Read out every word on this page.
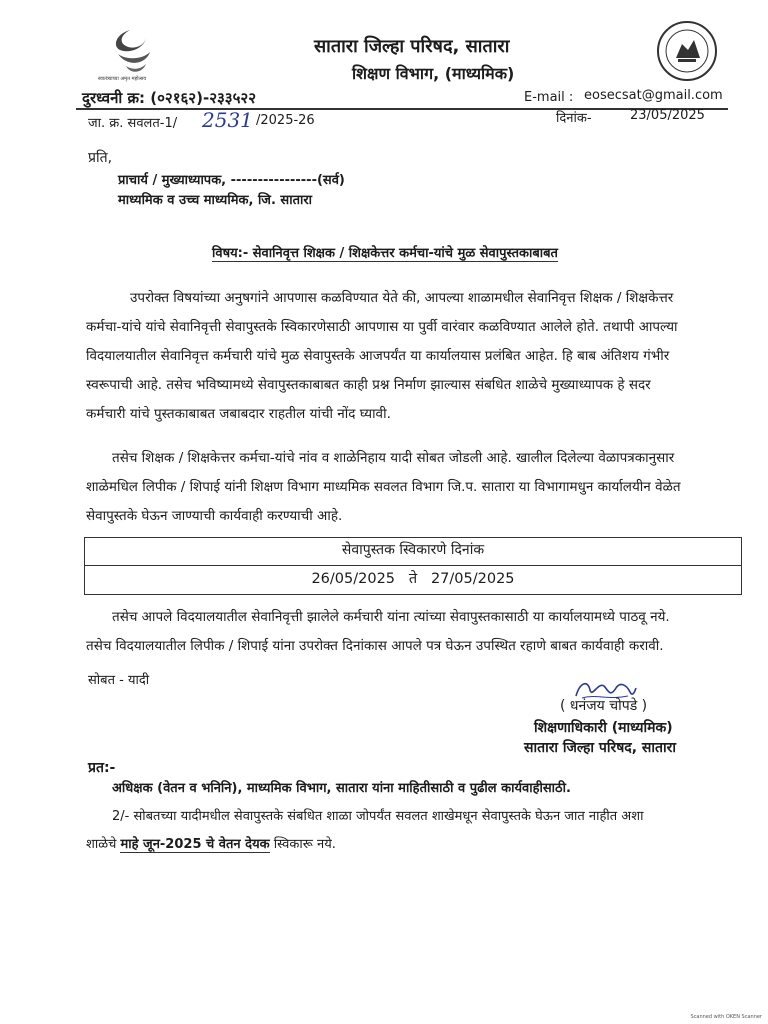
स्वातंत्र्याच्या अमृत महोत्सव
सातारा जिल्हा परिषद, सातारा
शिक्षण विभाग, (माध्यमिक)
दुरध्वनी क्र: (०२१६२)-२३३५२२	E-mail : eosecsat@gmail.com
जा. क्र. सवलत-1/ 2531 /2025-26	दिनांक-	23/05/2025
प्रति,
प्राचार्य / मुख्याध्यापक, ----------------(सर्व)
माध्यमिक व उच्च माध्यमिक, जि. सातारा
विषय:- सेवानिवृत्त शिक्षक / शिक्षकेत्तर कर्मचा-यांचे मुळ सेवापुस्तकाबाबत
उपरोक्त विषयांच्या अनुषगांने आपणास कळविण्यात येते की, आपल्या शाळामधील सेवानिवृत्त शिक्षक / शिक्षकेत्तर
कर्मचा-यांचे यांचे सेवानिवृत्ती सेवापुस्तके स्विकारणेसाठी आपणास या पुर्वी वारंवार कळविण्यात आलेले होते. तथापी आपल्या
विदयालयातील सेवानिवृत्त कर्मचारी यांचे मुळ सेवापुस्तके आजपर्यंत या कार्यालयास प्रलंबित आहेत. हि बाब अंतिशय गंभीर
स्वरूपाची आहे. तसेच भविष्यामध्ये सेवापुस्तकाबाबत काही प्रश्न निर्माण झाल्यास संबधित शाळेचे मुख्याध्यापक हे सदर
कर्मचारी यांचे पुस्तकाबाबत जबाबदार राहतील यांची नोंद घ्यावी.
तसेच शिक्षक / शिक्षकेत्तर कर्मचा-यांचे नांव व शाळेनिहाय यादी सोबत जोडली आहे. खालील दिलेल्या वेळापत्रकानुसार
शाळेमधिल लिपीक / शिपाई यांनी शिक्षण विभाग माध्यमिक सवलत विभाग जि.प. सातारा या विभागामधुन कार्यालयीन वेळेत
सेवापुस्तके घेऊन जाण्याची कार्यवाही करण्याची आहे.
सेवापुस्तक स्विकारणे दिनांक
26/05/2025 ते 27/05/2025
तसेच आपले विदयालयातील सेवानिवृत्ती झालेले कर्मचारी यांना त्यांच्या सेवापुस्तकासाठी या कार्यालयामध्ये पाठवू नये.
तसेच विदयालयातील लिपीक / शिपाई यांना उपरोक्त दिनांकास आपले पत्र घेऊन उपस्थित रहाणे बाबत कार्यवाही करावी.
सोबत - यादी
( धनंजय चोपडे )
शिक्षणाधिकारी (माध्यमिक)
सातारा जिल्हा परिषद, सातारा
प्रत:-
अधिक्षक (वेतन व भनिनि), माध्यमिक विभाग, सातारा यांना माहितीसाठी व पुढील कार्यवाहीसाठी.
2/- सोबतच्या यादीमधील सेवापुस्तके संबधित शाळा जोपर्यंत सवलत शाखेमधून सेवापुस्तके घेऊन जात नाहीत अशा
शाळेचे माहे जून-2025 चे वेतन देयक स्विकारू नये.
Scanned with OKEN Scanner
